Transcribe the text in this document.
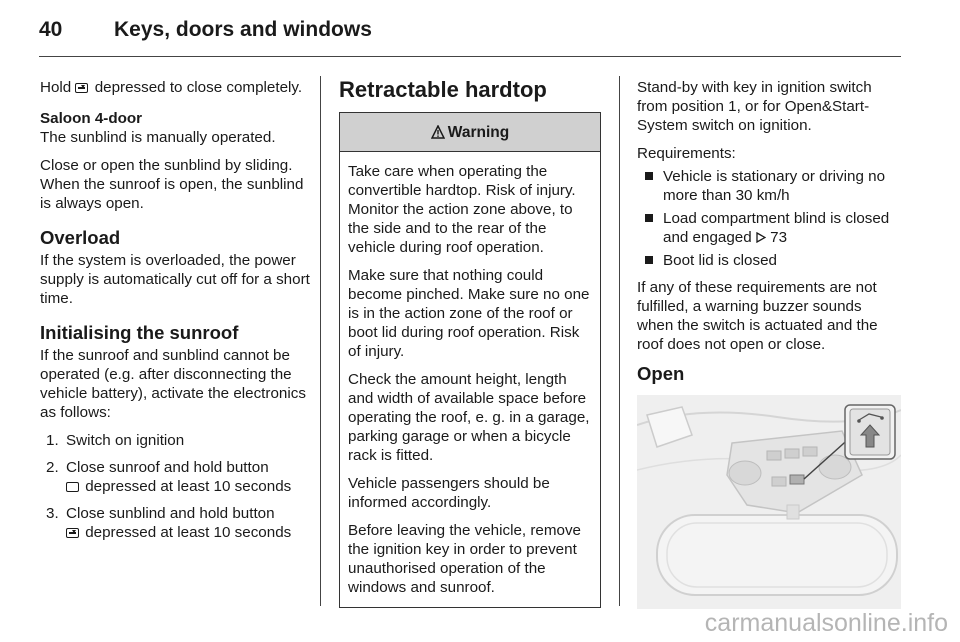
40 Keys, doors and windows

Hold  depressed to close completely.

Saloon 4-door
The sunblind is manually operated.

Close or open the sunblind by sliding. When the sunroof is open, the sunblind is always open.

Overload

If the system is overloaded, the power supply is automatically cut off for a short time.

Initialising the sunroof

If the sunroof and sunblind cannot be operated (e.g. after disconnecting the vehicle battery), activate the electronics as follows:

1. Switch on ignition
2. Close sunroof and hold button
depressed at least 10 seconds
3. Close sunblind and hold button
depressed at least 10 seconds
Retractable hardtop
Warning

Take care when operating the convertible hardtop. Risk of injury. Monitor the action zone above, to the side and to the rear of the vehicle during roof operation.

Make sure that nothing could become pinched. Make sure no one is in the action zone of the roof or boot lid during roof operation. Risk of injury.

Check the amount height, length and width of available space before operating the roof, e. g. in a garage, parking garage or when a bicycle rack is fitted.

Vehicle passengers should be informed accordingly.

Before leaving the vehicle, remove the ignition key in order to prevent unauthorised operation of the windows and sunroof.

Stand-by with key in ignition switch from position 1, or for Open&Start-System switch on ignition.

Requirements:

Vehicle is stationary or driving no more than 30 km/h
Load compartment blind is closed and engaged  73
Boot lid is closed

If any of these requirements are not fulfilled, a warning buzzer sounds when the switch is actuated and the roof does not open or close.

Open
carmanualsonline.info
